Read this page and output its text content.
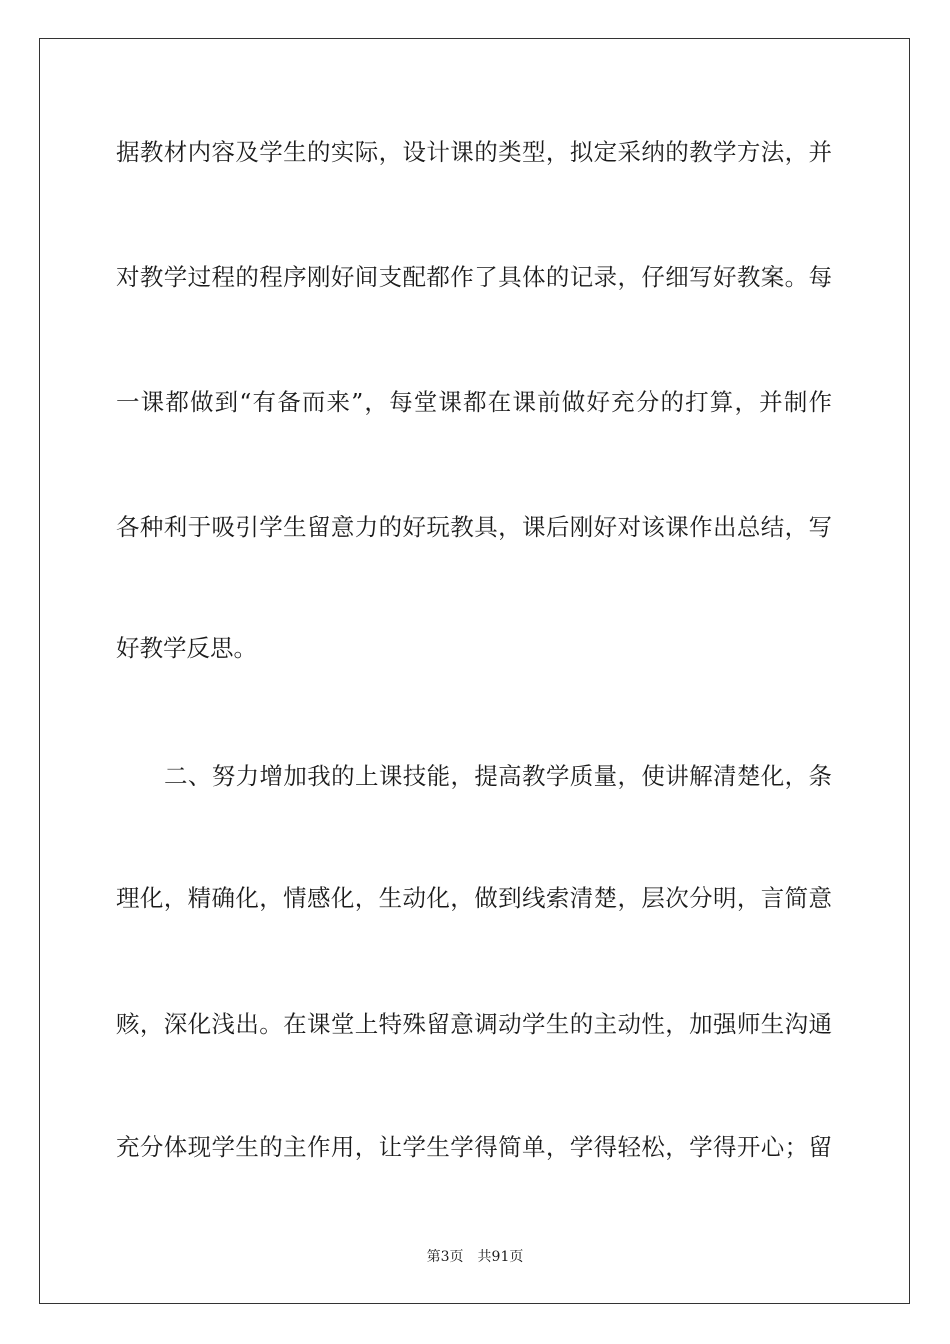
据教材内容及学生的实际，设计课的类型，拟定采纳的教学方法，并
对教学过程的程序刚好间支配都作了具体的记录，仔细写好教案。每
一课都做到“有备而来”，每堂课都在课前做好充分的打算，并制作
各种利于吸引学生留意力的好玩教具，课后刚好对该课作出总结，写
好教学反思。
二、努力增加我的上课技能，提高教学质量，使讲解清楚化，条
理化，精确化，情感化，生动化，做到线索清楚，层次分明，言简意
赅，深化浅出。在课堂上特殊留意调动学生的主动性，加强师生沟通
充分体现学生的主作用，让学生学得简单，学得轻松，学得开心；留
第3页 共91页
